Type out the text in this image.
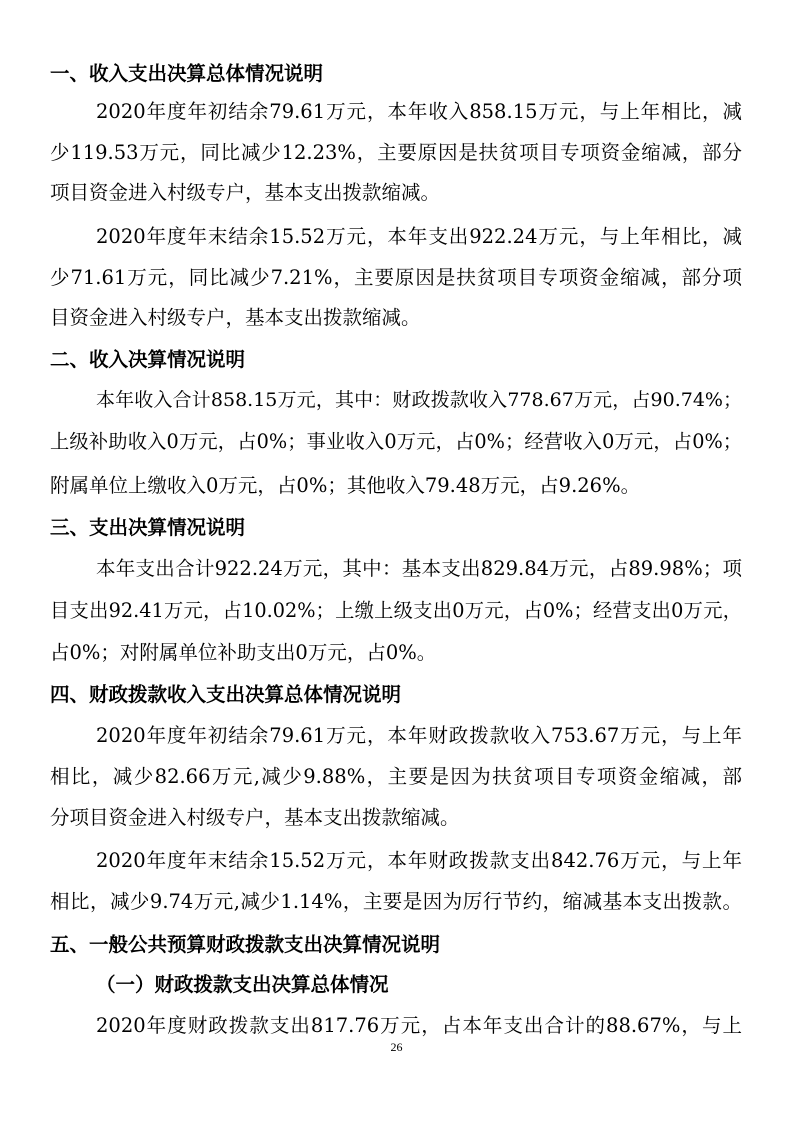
一、收入支出决算总体情况说明
2020年度年初结余79.61万元，本年收入858.15万元，与上年相比，减
少119.53万元，同比减少12.23%，主要原因是扶贫项目专项资金缩减，部分
项目资金进入村级专户，基本支出拨款缩减。
2020年度年末结余15.52万元，本年支出922.24万元，与上年相比，减
少71.61万元，同比减少7.21%，主要原因是扶贫项目专项资金缩减，部分项
目资金进入村级专户，基本支出拨款缩减。
二、收入决算情况说明
本年收入合计858.15万元，其中：财政拨款收入778.67万元，占90.74%；
上级补助收入0万元，占0%；事业收入0万元，占0%；经营收入0万元，占0%；
附属单位上缴收入0万元，占0%；其他收入79.48万元，占9.26%。
三、支出决算情况说明
本年支出合计922.24万元，其中：基本支出829.84万元，占89.98%；项
目支出92.41万元，占10.02%；上缴上级支出0万元，占0%；经营支出0万元，
占0%；对附属单位补助支出0万元，占0%。
四、财政拨款收入支出决算总体情况说明
2020年度年初结余79.61万元，本年财政拨款收入753.67万元，与上年
相比，减少82.66万元,减少9.88%，主要是因为扶贫项目专项资金缩减，部
分项目资金进入村级专户，基本支出拨款缩减。
2020年度年末结余15.52万元，本年财政拨款支出842.76万元，与上年
相比，减少9.74万元,减少1.14%，主要是因为厉行节约，缩减基本支出拨款。
五、一般公共预算财政拨款支出决算情况说明
（一）财政拨款支出决算总体情况
2020年度财政拨款支出817.76万元，占本年支出合计的88.67%，与上
26
